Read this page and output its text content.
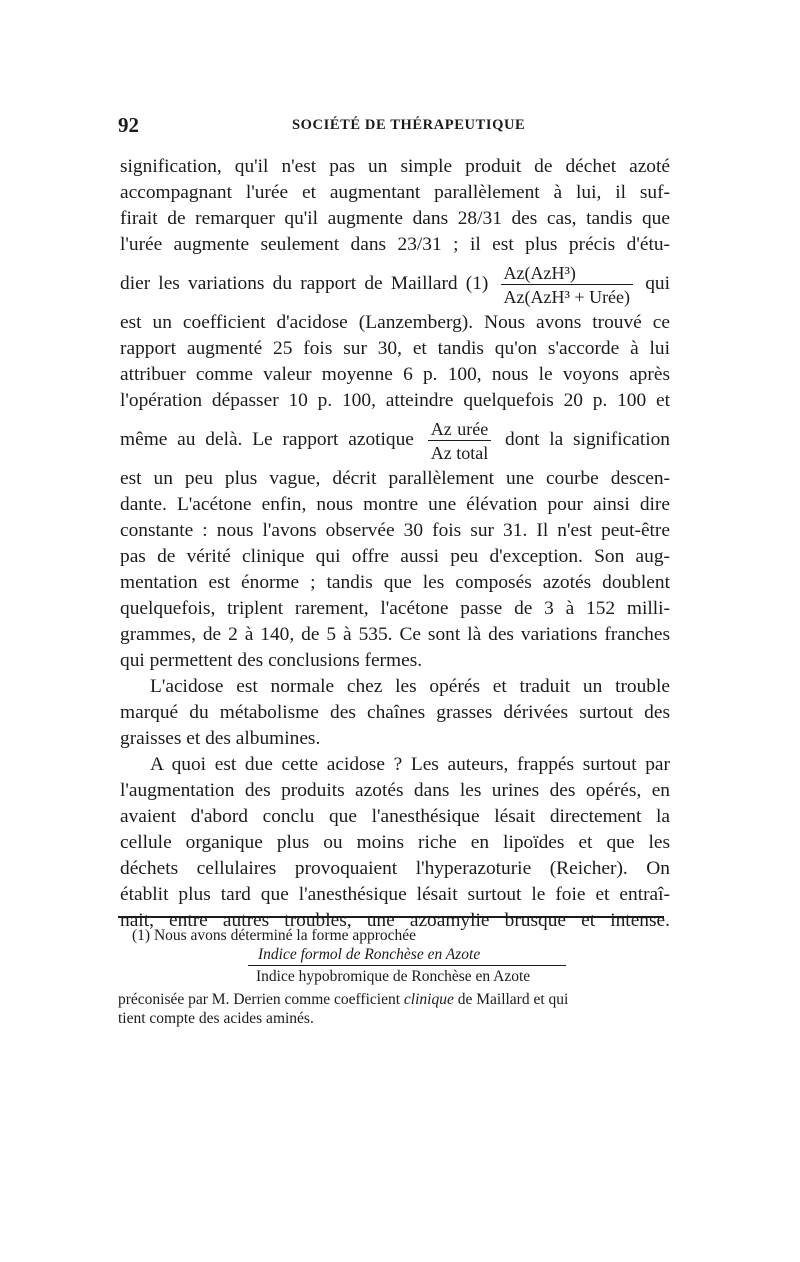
92	SOCIÉTÉ DE THÉRAPEUTIQUE
signification, qu'il n'est pas un simple produit de déchet azoté
accompagnant l'urée et augmentant parallèlement à lui, il suf-
firait de remarquer qu'il augmente dans 28/31 des cas, tandis que
l'urée augmente seulement dans 23/31 ; il est plus précis d'étu-
dier les variations du rapport de Maillard $(1) \frac{\text{Az(AzH³)}}{\text{Az(AzH³ + Urée)}}$ qui
est un coefficient d'acidose (Lanzemberg). Nous avons trouvé ce
rapport augmenté 25 fois sur 30, et tandis qu'on s'accorde à lui
attribuer comme valeur moyenne 6 p. 100, nous le voyons après
l'opération dépasser 10 p. 100, atteindre quelquefois 20 p. 100 et
même au delà. Le rapport azotique $\frac{\text{Az urée}}{\text{Az total}}$ dont la signification
est un peu plus vague, décrit parallèlement une courbe descen-
dante. L'acétone enfin, nous montre une élévation pour ainsi dire
constante : nous l'avons observée 30 fois sur 31. Il n'est peut-être
pas de vérité clinique qui offre aussi peu d'exception. Son aug-
mentation est énorme ; tandis que les composés azotés doublent
quelquefois, triplent rarement, l'acétone passe de 3 à 152 milli-
grammes, de 2 à 140, de 5 à 535. Ce sont là des variations franches
qui permettent des conclusions fermes.
L'acidose est normale chez les opérés et traduit un trouble
marqué du métabolisme des chaînes grasses dérivées surtout des
graisses et des albumines.
A quoi est due cette acidose ? Les auteurs, frappés surtout par
l'augmentation des produits azotés dans les urines des opérés, en
avaient d'abord conclu que l'anesthésique lésait directement la
cellule organique plus ou moins riche en lipoïdes et que les
déchets cellulaires provoquaient l'hyperazoturie (Reicher). On
établit plus tard que l'anesthésique lésait surtout le foie et entraî-
nait, entre autres troubles, une azoamylie brusque et intense.
(1) Nous avons déterminé la forme approchée
Indice formol de Ronchèse en Azote
Indice hypobromique de Ronchèse en Azote
préconisée par M. Derrien comme coefficient clinique de Maillard et qui
tient compte des acides aminés.
